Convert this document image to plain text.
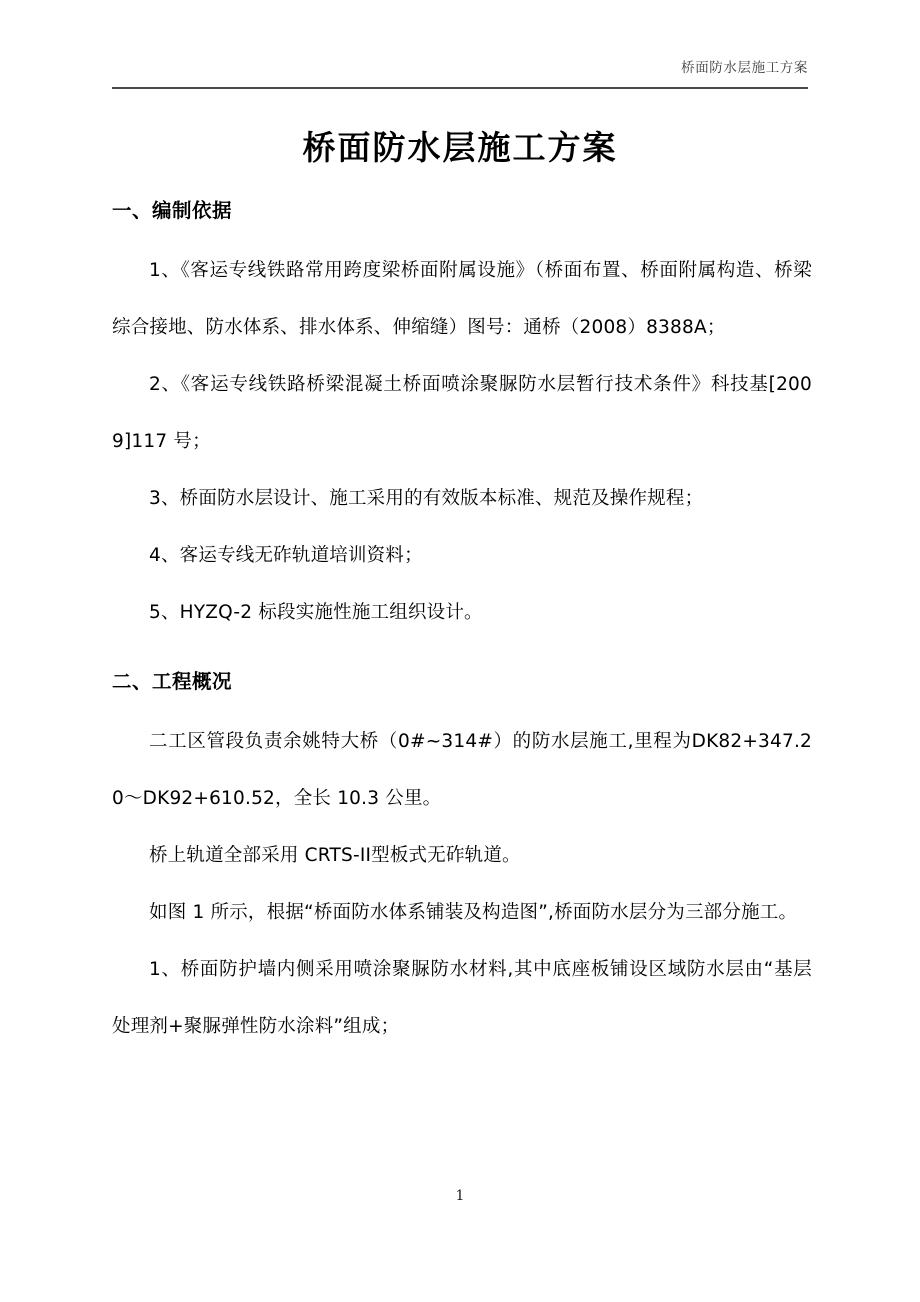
桥面防水层施工方案
桥面防水层施工方案
一、编制依据

1、《客运专线铁路常用跨度梁桥面附属设施》（桥面布置、桥面附属构造、桥梁综合接地、防水体系、排水体系、伸缩缝）图号：通桥（2008）8388A；

2、《客运专线铁路桥梁混凝土桥面喷涂聚脲防水层暂行技术条件》科技基[2009]117 号；

3、桥面防水层设计、施工采用的有效版本标准、规范及操作规程；

4、客运专线无砟轨道培训资料；

5、HYZQ-2 标段实施性施工组织设计。

二、工程概况

二工区管段负责余姚特大桥（0#~314#）的防水层施工,里程为DK82+347.20～DK92+610.52，全长 10.3 公里。

桥上轨道全部采用 CRTS-II型板式无砟轨道。

如图 1 所示，根据“桥面防水体系铺装及构造图”,桥面防水层分为三部分施工。

1、桥面防护墙内侧采用喷涂聚脲防水材料,其中底座板铺设区域防水层由“基层处理剂+聚脲弹性防水涂料”组成；

1
